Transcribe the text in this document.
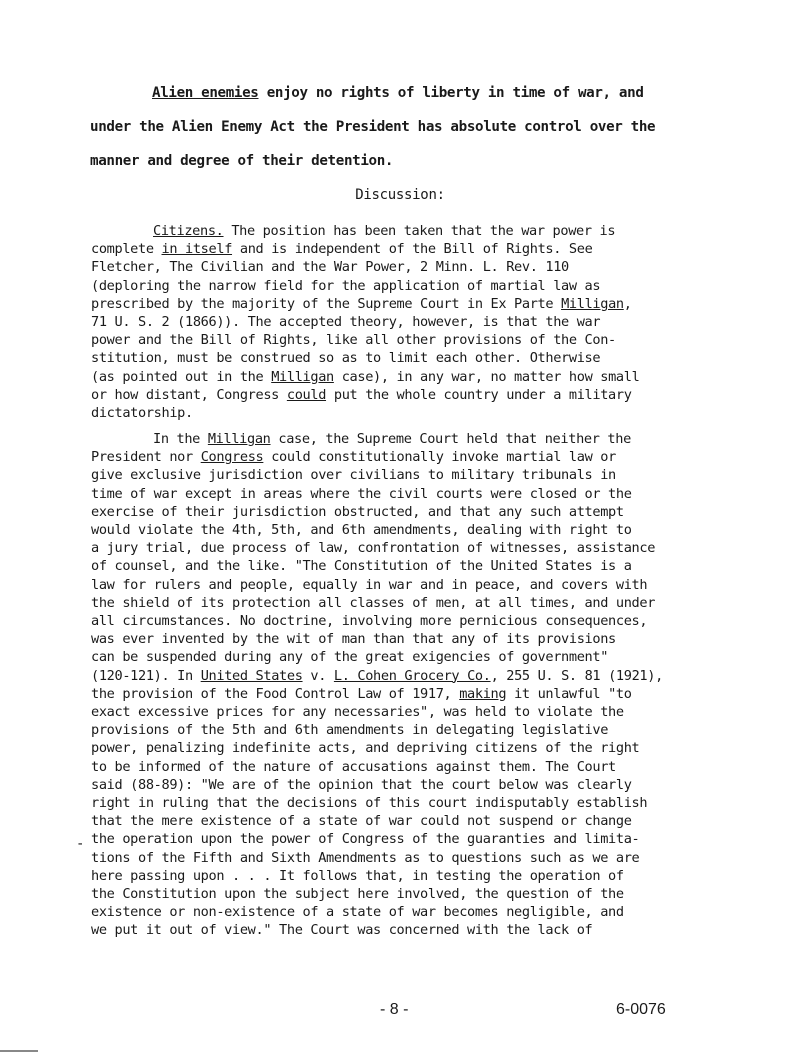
Alien enemies enjoy no rights of liberty in time of war, and
under the Alien Enemy Act the President has absolute control over the
manner and degree of their detention.
Discussion:
Citizens. The position has been taken that the war power is
complete in itself and is independent of the Bill of Rights. See
Fletcher, The Civilian and the War Power, 2 Minn. L. Rev. 110
(deploring the narrow field for the application of martial law as
prescribed by the majority of the Supreme Court in Ex Parte Milligan,
71 U. S. 2 (1866)). The accepted theory, however, is that the war
power and the Bill of Rights, like all other provisions of the Con-
stitution, must be construed so as to limit each other. Otherwise
(as pointed out in the Milligan case), in any war, no matter how small
or how distant, Congress could put the whole country under a military
dictatorship.
In the Milligan case, the Supreme Court held that neither the
President nor Congress could constitutionally invoke martial law or
give exclusive jurisdiction over civilians to military tribunals in
time of war except in areas where the civil courts were closed or the
exercise of their jurisdiction obstructed, and that any such attempt
would violate the 4th, 5th, and 6th amendments, dealing with right to
a jury trial, due process of law, confrontation of witnesses, assistance
of counsel, and the like. "The Constitution of the United States is a
law for rulers and people, equally in war and in peace, and covers with
the shield of its protection all classes of men, at all times, and under
all circumstances. No doctrine, involving more pernicious consequences,
was ever invented by the wit of man than that any of its provisions
can be suspended during any of the great exigencies of government"
(120-121). In United States v. L. Cohen Grocery Co., 255 U. S. 81 (1921),
the provision of the Food Control Law of 1917, making it unlawful "to
exact excessive prices for any necessaries", was held to violate the
provisions of the 5th and 6th amendments in delegating legislative
power, penalizing indefinite acts, and depriving citizens of the right
to be informed of the nature of accusations against them. The Court
said (88-89): "We are of the opinion that the court below was clearly
right in ruling that the decisions of this court indisputably establish
that the mere existence of a state of war could not suspend or change
the operation upon the power of Congress of the guaranties and limita-
tions of the Fifth and Sixth Amendments as to questions such as we are
here passing upon . . . It follows that, in testing the operation of
the Constitution upon the subject here involved, the question of the
existence or non-existence of a state of war becomes negligible, and
we put it out of view." The Court was concerned with the lack of
-
- 8 -	6-0076
